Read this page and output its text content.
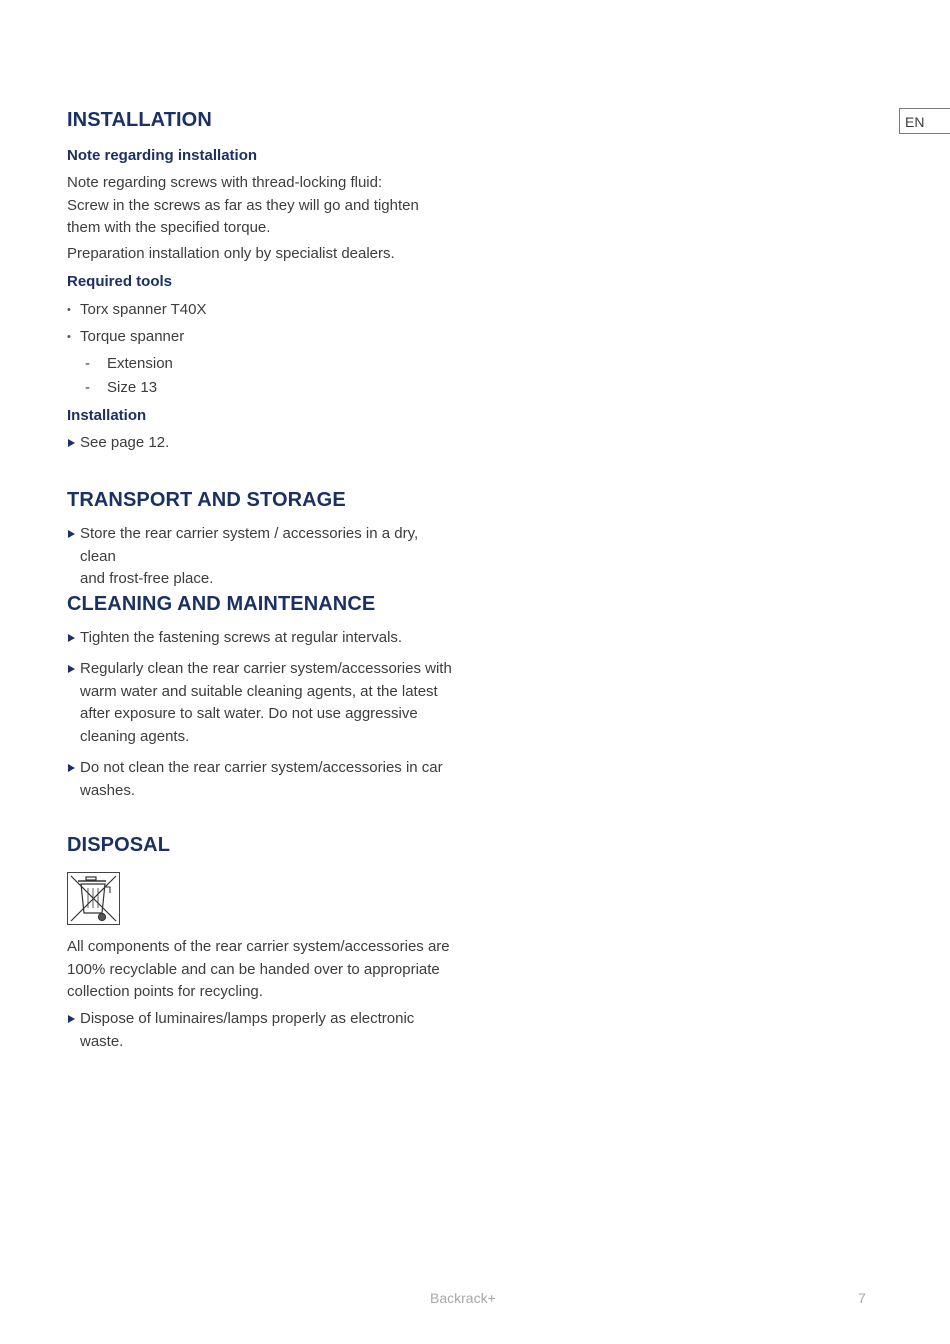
EN
INSTALLATION
Note regarding installation

Note regarding screws with thread-locking fluid:
Screw in the screws as far as they will go and tighten
them with the specified torque.

Preparation installation only by specialist dealers.

Required tools
• Torx spanner T40X
• Torque spanner
- Extension
- Size 13
Installation
See page 12.
TRANSPORT AND STORAGE
Store the rear carrier system / accessories in a dry, clean
and frost-free place.
CLEANING AND MAINTENANCE
Tighten the fastening screws at regular intervals.
Regularly clean the rear carrier system/accessories with
warm water and suitable cleaning agents, at the latest
after exposure to salt water. Do not use aggressive
cleaning agents.
Do not clean the rear carrier system/accessories in car
washes.
DISPOSAL

All components of the rear carrier system/accessories are
100% recyclable and can be handed over to appropriate
collection points for recycling.

Dispose of luminaires/lamps properly as electronic
waste.
Backrack+	7
